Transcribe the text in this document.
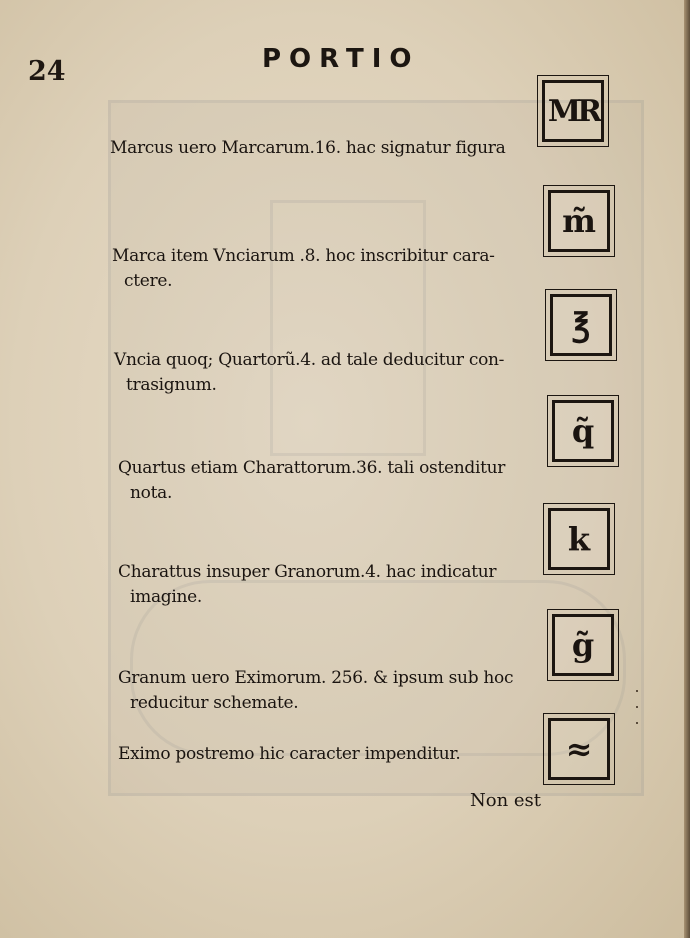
24	PORTIO
Marcus uero Marcarum.16. hac signatur figura
MR
Marca item Vnciarum .8. hoc inscribitur cara-
ctere.
m̃
Vncia quoq; Quartorũ.4. ad tale deducitur con-
trasignum.
℥
Quartus etiam Charattorum.36. tali ostenditur
nota.
q̃
Charattus insuper Granorum.4. hac indicatur
imagine.
k
Granum uero Eximorum. 256. & ipsum sub hoc
reducitur schemate.
g̃
Eximo postremo hic caracter impenditur.	≈
Non est
